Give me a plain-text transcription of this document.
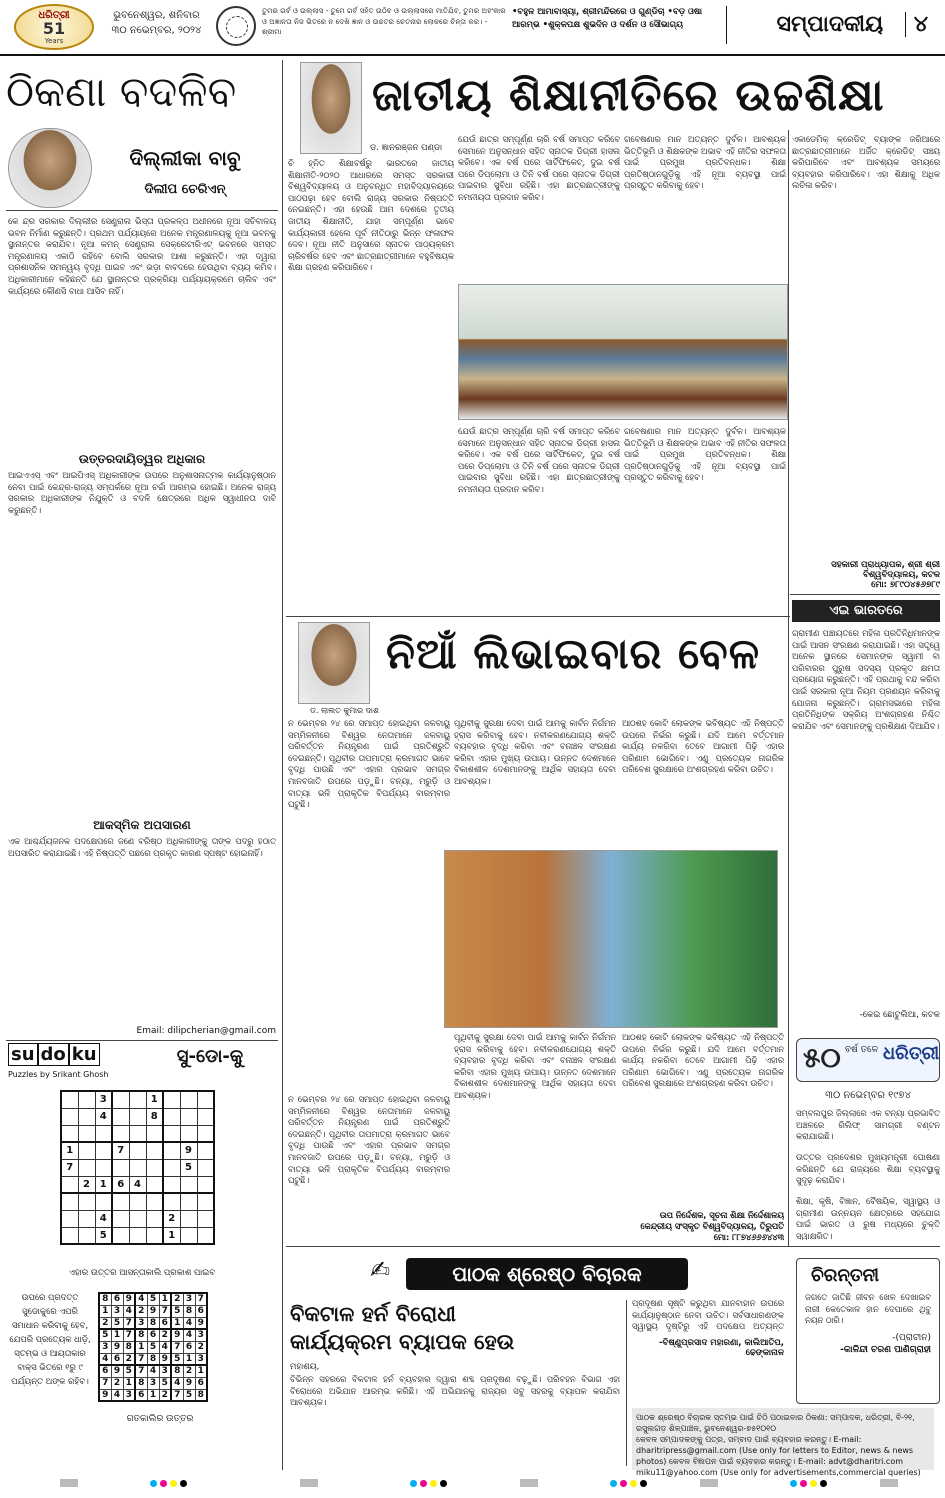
ଧରିତ୍ରୀ
51
Years
ଭୁବନେଶ୍ୱର, ଶନିବାର
୩୦ ନଭେମ୍ବର, ୨୦୨୪
ତୁମର ଗର୍ବ ଓ ଉଲ୍ଲାସ - ତୁମେ ଗର୍ବ ସହିତ ଉଠିବ ଓ ଉଲ୍ଲାସରେ ମାତିଯିବ, ତୁମର ଅହଂକାର ଓ ଅଜ୍ଞାନତା ନିଜ ଭିତରେ ନ ଦେଖି ଜ୍ଞାନ ଓ ଉଚ୍ଚତର ଚେତନାର ଲୋକରେ ଚିନ୍ତା କର। - ଶ୍ରୀମା
•ବହୁଳ ଆମାବାସ୍ୟା, ଶ୍ରୀମନ୍ଦିରରେ ଓ ଗୁଣ୍ଡିଚା •ବଡ଼ ଓଷା ଆରମ୍ଭ •ଶୁକ୍ଳପକ୍ଷ ଶୁଭଦିନ ଓ ଦର୍ଶନ ଓ ସୌଭାଗ୍ୟ	ସମ୍ପାଦକୀୟ ୪
ଠିକଣା ବଦଳିବ
ଦିଲ୍ଲୀକା ବାବୁ
ଦିଲୀପ ଚେରିଏନ୍
କେ ନ୍ଦ୍ର ସରକାର ଦିଲ୍ଲୀର ସେଣ୍ଟ୍ରାଲ ଭିସ୍ତା ପ୍ରକଳ୍ପ ଅଧୀନରେ ନୂଆ ସଚିବାଳୟ ଭବନ ନିର୍ମାଣ କରୁଛନ୍ତି। ପ୍ରଥମ ପର୍ଯ୍ୟାୟରେ ଅନେକ ମନ୍ତ୍ରଣାଳୟକୁ ନୂଆ ଭବନକୁ ସ୍ଥାନାନ୍ତର କରାଯିବ। ନୂଆ କମନ୍ ସେଣ୍ଟ୍ରାଲ ସେକ୍ରେଟାରିଏଟ୍ ଭବନରେ ସମସ୍ତ ମନ୍ତ୍ରଣାଳୟ ଏକାଠି ରହିବେ ବୋଲି ସରକାର ଆଶା କରୁଛନ୍ତି। ଏହା ଦ୍ୱାରା ପ୍ରଶାସନିକ ସମନ୍ୱୟ ବୃଦ୍ଧି ପାଇବ ଏବଂ ଭଡ଼ା ବାବଦରେ ହେଉଥିବା ବ୍ୟୟ କମିବ। ଅଧିକାରୀମାନେ କହିଛନ୍ତି ଯେ ସ୍ଥାନାନ୍ତର ପ୍ରକ୍ରିୟା ପର୍ଯ୍ୟାୟକ୍ରମେ ଚାଲିବ ଏବଂ କାର୍ଯ୍ୟରେ କୌଣସି ବାଧା ଆସିବ ନାହିଁ।
ଉତ୍ତରଦାୟିତ୍ୱର ଅଧିକାର
ଆଇଏଏସ୍ ଏବଂ ଆଇପିଏସ୍ ଅଧିକାରୀଙ୍କ ଉପରେ ଅନୁଶାସନାତ୍ମକ କାର୍ଯ୍ୟାନୁଷ୍ଠାନ ନେବା ପାଇଁ କେନ୍ଦ୍ର-ରାଜ୍ୟ ସମ୍ପର୍କରେ ନୂଆ ଚର୍ଚ୍ଚା ଆରମ୍ଭ ହୋଇଛି। ଅନେକ ରାଜ୍ୟ ସରକାର ଅଧିକାରୀଙ୍କ ନିଯୁକ୍ତି ଓ ବଦଳି କ୍ଷେତ୍ରରେ ଅଧିକ ସ୍ୱାଧୀନତା ଦାବି କରୁଛନ୍ତି।
ଆକସ୍ମିକ ଅପସାରଣ
ଏକ ଆଶ୍ଚର୍ଯ୍ୟଜନକ ପଦକ୍ଷେପରେ ଜଣେ ବରିଷ୍ଠ ଅଧିକାରୀଙ୍କୁ ତାଙ୍କ ପଦରୁ ହଠାତ୍ ଅପସାରିତ କରାଯାଇଛି। ଏହି ନିଷ୍ପତ୍ତି ପଛରେ ପ୍ରକୃତ କାରଣ ସ୍ପଷ୍ଟ ହୋଇନାହିଁ।
Email: dilipcherian@gmail.com
su do ku
Puzzles by Srikant Ghosh
ସୁ-ଡୋ-କୁ
		3			1			
		4			8			

1			7				9	
7							5	
	2	1	6	4				

		4				2		
		5				1		
ଏହାର ଉତ୍ତର ଆସନ୍ତାକାଲି ପ୍ରକାଶ ପାଇବ
ଉପରେ ପ୍ରଦତ୍ତ ସୁଡୋକୁରେ ଏପରି ସମାଧାନ କରିବାକୁ ହେବ, ଯେପରି ପ୍ରତ୍ୟେକ ଧାଡ଼ି, ସ୍ତମ୍ଭ ଓ ଆୟତାକାର ବାକ୍ସ ଭିତରେ ୧ରୁ ୯ ପର୍ଯ୍ୟନ୍ତ ଅଙ୍କ ରହିବ।
8	6	9	4	5	1	2	3	7
1	3	4	2	9	7	5	8	6
2	5	7	3	8	6	1	4	9
5	1	7	8	6	2	9	4	3
3	9	8	1	5	4	7	6	2
4	6	2	7	8	9	5	1	3
6	9	5	7	4	3	8	2	1
7	2	1	8	3	5	4	9	6
9	4	3	6	1	2	7	5	8
ଗତକାଲିର ଉତ୍ତର
ଜାତୀୟ ଶିକ୍ଷାନୀତିରେ ଉଚ୍ଚଶିକ୍ଷା
ଡ. ଜ୍ଞାନରଞ୍ଜନ ପଣ୍ଡା
ଚି ହ୍ନିତ ଶିକ୍ଷାବର୍ଷରୁ ଭାରତରେ ଜାତୀୟ ଶିକ୍ଷାନୀତି-୨୦୨୦ ଆଧାରରେ ସମସ୍ତ ସରକାରୀ ବିଶ୍ୱବିଦ୍ୟାଳୟ ଓ ଅନୁବନ୍ଧିତ ମହାବିଦ୍ୟାଳୟରେ ପାଠପଢ଼ା ହେବ ବୋଲି ରାଜ୍ୟ ସରକାର ନିଷ୍ପତ୍ତି ନେଇଛନ୍ତି। ଏହା ହେଉଛି ଆମ ଦେଶରେ ତୃତୀୟ ଜାତୀୟ ଶିକ୍ଷାନୀତି, ଯାହା ସମ୍ପୂର୍ଣ୍ଣ ଭାବେ କାର୍ଯ୍ୟକାରୀ ହେଲେ ପୂର୍ବ ନୀତିଠାରୁ ଭିନ୍ନ ଫଳାଫଳ ଦେବ। ନୂଆ ନୀତି ଅନୁସାରେ ସ୍ନାତକ ପାଠ୍ୟକ୍ରମ ଚାରିବର୍ଷର ହେବ ଏବଂ ଛାତ୍ରଛାତ୍ରୀମାନେ ବହୁବିଷୟକ ଶିକ୍ଷା ଗ୍ରହଣ କରିପାରିବେ।
ଯେଉଁ ଛାତ୍ର ସମ୍ପୂର୍ଣ୍ଣ ଚାରି ବର୍ଷ ସମାପ୍ତ କରିବେ ସେମାନେ ଅନୁସନ୍ଧାନ ସହିତ ସ୍ନାତକ ଡିଗ୍ରୀ ହାସଲ କରିବେ। ଏକ ବର୍ଷ ପରେ ସାର୍ଟିଫିକେଟ୍, ଦୁଇ ବର୍ଷ ପରେ ଡିପ୍ଲୋମା ଓ ତିନି ବର୍ଷ ପରେ ସ୍ନାତକ ଡିଗ୍ରୀ ପାଇବାର ସୁବିଧା ରହିଛି। ଏହା ଛାତ୍ରଛାତ୍ରୀଙ୍କୁ ନମନୀୟତା ପ୍ରଦାନ କରିବ।
ଗବେଷଣାର ମାନ ଅତ୍ୟନ୍ତ ଦୁର୍ବଳ। ଆବଶ୍ୟକ ଭିତ୍ତିଭୂମି ଓ ଶିକ୍ଷକଙ୍କ ଅଭାବ ଏହି ନୀତିର ସଫଳତା ପାଇଁ ପ୍ରମୁଖ ପ୍ରତିବନ୍ଧକ। ଶିକ୍ଷା ପ୍ରତିଷ୍ଠାନଗୁଡ଼ିକୁ ଏହି ନୂଆ ବ୍ୟବସ୍ଥା ପାଇଁ ପ୍ରସ୍ତୁତ କରିବାକୁ ହେବ।
ଯେଉଁ ଛାତ୍ର ସମ୍ପୂର୍ଣ୍ଣ ଚାରି ବର୍ଷ ସମାପ୍ତ କରିବେ ସେମାନେ ଅନୁସନ୍ଧାନ ସହିତ ସ୍ନାତକ ଡିଗ୍ରୀ ହାସଲ କରିବେ। ଏକ ବର୍ଷ ପରେ ସାର୍ଟିଫିକେଟ୍, ଦୁଇ ବର୍ଷ ପରେ ଡିପ୍ଲୋମା ଓ ତିନି ବର୍ଷ ପରେ ସ୍ନାତକ ଡିଗ୍ରୀ ପାଇବାର ସୁବିଧା ରହିଛି। ଏହା ଛାତ୍ରଛାତ୍ରୀଙ୍କୁ ନମନୀୟତା ପ୍ରଦାନ କରିବ।
ଗବେଷଣାର ମାନ ଅତ୍ୟନ୍ତ ଦୁର୍ବଳ। ଆବଶ୍ୟକ ଭିତ୍ତିଭୂମି ଓ ଶିକ୍ଷକଙ୍କ ଅଭାବ ଏହି ନୀତିର ସଫଳତା ପାଇଁ ପ୍ରମୁଖ ପ୍ରତିବନ୍ଧକ। ଶିକ୍ଷା ପ୍ରତିଷ୍ଠାନଗୁଡ଼ିକୁ ଏହି ନୂଆ ବ୍ୟବସ୍ଥା ପାଇଁ ପ୍ରସ୍ତୁତ କରିବାକୁ ହେବ।
ଏକାଡେମିକ୍ କ୍ରେଡିଟ୍ ବ୍ୟାଙ୍କ ଜରିଆରେ ଛାତ୍ରଛାତ୍ରୀମାନେ ଅର୍ଜିତ କ୍ରେଡିଟ୍ ସଞ୍ଚୟ କରିପାରିବେ ଏବଂ ଆବଶ୍ୟକ ସମୟରେ ବ୍ୟବହାର କରିପାରିବେ। ଏହା ଶିକ୍ଷାକୁ ଅଧିକ ଲଚିଳା କରିବ।
ସହକାରୀ ପ୍ରାଧ୍ୟାପକ, ଶ୍ରୀ ଶ୍ରୀ ବିଶ୍ୱବିଦ୍ୟାଳୟ, କଟକ
ମୋ: ୭୮୯୦୪୫୬୭୮୯
ନିଆଁ ଲିଭାଇବାର ବେଳ
ଡ. ଲାଲତ କୁମାର ଦାଶ
ନ ଭେମ୍ବର ୨୪ ରେ ସମାପ୍ତ ହୋଇଥିବା ଜଳବାୟୁ ସମ୍ମିଳନୀରେ ବିଶ୍ୱର ନେତାମାନେ ଜଳବାୟୁ ପରିବର୍ତ୍ତନ ନିୟନ୍ତ୍ରଣ ପାଇଁ ପ୍ରତିଶ୍ରୁତି ଦେଇଛନ୍ତି। ପୃଥିବୀର ତାପମାତ୍ରା କ୍ରମାଗତ ଭାବେ ବୃଦ୍ଧି ପାଉଛି ଏବଂ ଏହାର ପ୍ରଭାବ ସମଗ୍ର ମାନବଜାତି ଉପରେ ପଡ଼ୁଛି। ବନ୍ୟା, ମରୁଡ଼ି ଓ ବାତ୍ୟା ଭଳି ପ୍ରାକୃତିକ ବିପର୍ଯ୍ୟୟ ବାରମ୍ବାର ଘଟୁଛି।
ପୃଥିବୀକୁ ସୁରକ୍ଷା ଦେବା ପାଇଁ ଆମକୁ କାର୍ବନ ନିର୍ଗମନ ହ୍ରାସ କରିବାକୁ ହେବ। ନବୀକରଣଯୋଗ୍ୟ ଶକ୍ତି ବ୍ୟବହାର ବୃଦ୍ଧି କରିବା ଏବଂ ବନାଞ୍ଚଳ ସଂରକ୍ଷଣ କରିବା ଏହାର ମୁଖ୍ୟ ଉପାୟ। ଉନ୍ନତ ଦେଶମାନେ ବିକାଶଶୀଳ ଦେଶମାନଙ୍କୁ ଆର୍ଥିକ ସହାୟତା ଦେବା ଆବଶ୍ୟକ।
ଆଠଶହ କୋଟି ଲୋକଙ୍କ ଭବିଷ୍ୟତ ଏହି ନିଷ୍ପତ୍ତି ଉପରେ ନିର୍ଭର କରୁଛି। ଯଦି ଆମେ ବର୍ତ୍ତମାନ କାର୍ଯ୍ୟ ନକରିବା ତେବେ ଆଗାମୀ ପିଢ଼ି ଏହାର ପରିଣାମ ଭୋଗିବେ। ଏଣୁ ପ୍ରତ୍ୟେକ ନାଗରିକ ପରିବେଶ ସୁରକ୍ଷାରେ ଅଂଶଗ୍ରହଣ କରିବା ଉଚିତ।
ପୃଥିବୀକୁ ସୁରକ୍ଷା ଦେବା ପାଇଁ ଆମକୁ କାର୍ବନ ନିର୍ଗମନ ହ୍ରାସ କରିବାକୁ ହେବ। ନବୀକରଣଯୋଗ୍ୟ ଶକ୍ତି ବ୍ୟବହାର ବୃଦ୍ଧି କରିବା ଏବଂ ବନାଞ୍ଚଳ ସଂରକ୍ଷଣ କରିବା ଏହାର ମୁଖ୍ୟ ଉପାୟ। ଉନ୍ନତ ଦେଶମାନେ ବିକାଶଶୀଳ ଦେଶମାନଙ୍କୁ ଆର୍ଥିକ ସହାୟତା ଦେବା ଆବଶ୍ୟକ।
ଆଠଶହ କୋଟି ଲୋକଙ୍କ ଭବିଷ୍ୟତ ଏହି ନିଷ୍ପତ୍ତି ଉପରେ ନିର୍ଭର କରୁଛି। ଯଦି ଆମେ ବର୍ତ୍ତମାନ କାର୍ଯ୍ୟ ନକରିବା ତେବେ ଆଗାମୀ ପିଢ଼ି ଏହାର ପରିଣାମ ଭୋଗିବେ। ଏଣୁ ପ୍ରତ୍ୟେକ ନାଗରିକ ପରିବେଶ ସୁରକ୍ଷାରେ ଅଂଶଗ୍ରହଣ କରିବା ଉଚିତ।
ନ ଭେମ୍ବର ୨୪ ରେ ସମାପ୍ତ ହୋଇଥିବା ଜଳବାୟୁ ସମ୍ମିଳନୀରେ ବିଶ୍ୱର ନେତାମାନେ ଜଳବାୟୁ ପରିବର୍ତ୍ତନ ନିୟନ୍ତ୍ରଣ ପାଇଁ ପ୍ରତିଶ୍ରୁତି ଦେଇଛନ୍ତି। ପୃଥିବୀର ତାପମାତ୍ରା କ୍ରମାଗତ ଭାବେ ବୃଦ୍ଧି ପାଉଛି ଏବଂ ଏହାର ପ୍ରଭାବ ସମଗ୍ର ମାନବଜାତି ଉପରେ ପଡ଼ୁଛି। ବନ୍ୟା, ମରୁଡ଼ି ଓ ବାତ୍ୟା ଭଳି ପ୍ରାକୃତିକ ବିପର୍ଯ୍ୟୟ ବାରମ୍ବାର ଘଟୁଛି।
ଉପ ନିର୍ଦ୍ଦେଶକ, ସୂଚନା ଶିକ୍ଷା ନିର୍ଦ୍ଦେଶାଳୟ
କେନ୍ଦ୍ରୀୟ ସଂସ୍କୃତ ବିଶ୍ୱବିଦ୍ୟାଳୟ, ତିରୁପତି
ମୋ: ୮୮୭୪୬୬୬୪୪୩
ଏଇ ଭାରତରେ
ଗ୍ରାମୀଣ ପଞ୍ଚାୟତରେ ମହିଳା ପ୍ରତିନିଧିମାନଙ୍କ ପାଇଁ ଆସନ ସଂରକ୍ଷଣ କରାଯାଇଛି। ଏହା ସତ୍ତ୍ୱେ ଅନେକ ସ୍ଥାନରେ ସେମାନଙ୍କ ସ୍ୱାମୀ ବା ପରିବାରର ପୁରୁଷ ସଦସ୍ୟ ପ୍ରକୃତ କ୍ଷମତା ପ୍ରୟୋଗ କରୁଛନ୍ତି। ଏହି ପ୍ରଥାକୁ ବନ୍ଦ କରିବା ପାଇଁ ସରକାର ନୂଆ ନିୟମ ପ୍ରଣୟନ କରିବାକୁ ଯୋଜନା କରୁଛନ୍ତି। ଗ୍ରାମସଭାରେ ମହିଳା ପ୍ରତିନିଧିଙ୍କ ସକ୍ରିୟ ଅଂଶଗ୍ରହଣ ନିଶ୍ଚିତ କରାଯିବ ଏବଂ ସେମାନଙ୍କୁ ପ୍ରଶିକ୍ଷଣ ଦିଆଯିବ।
-କେଇ ଛୋଟୁଲିଆ, କଟକ
୫୦ ବର୍ଷ ତଳେ ଧରିତ୍ରୀ
୩୦ ନଭେମ୍ବର ୧୯୭୪
ସମ୍ବଲପୁର ଜିଲ୍ଲାରେ ଏକ ବନ୍ୟା ପ୍ରଭାବିତ ଅଞ୍ଚଳରେ ରିଲିଫ୍ ସାମଗ୍ରୀ ବଣ୍ଟନ କରାଯାଇଛି।
ଉତ୍ତର ପ୍ରଦେଶର ମୁଖ୍ୟମନ୍ତ୍ରୀ ଘୋଷଣା କରିଛନ୍ତି ଯେ ରାଜ୍ୟରେ ଶିକ୍ଷା ବ୍ୟବସ୍ଥାକୁ ସୁଦୃଢ଼ କରାଯିବ।
ଶିକ୍ଷା, କୃଷି, ବିଜ୍ଞାନ, ବୈଷୟିକ, ସ୍ୱାସ୍ଥ୍ୟ ଓ ଗ୍ରାମୀଣ ଉନ୍ନୟନ କ୍ଷେତ୍ରରେ ସହଯୋଗ ପାଇଁ ଭାରତ ଓ ରୁଷ ମଧ୍ୟରେ ଚୁକ୍ତି ସ୍ୱାକ୍ଷରିତ।
✍	ପାଠକ ଶ୍ରେଷ୍ଠ ବିଚାରକ
ବିକଟାଳ ହର୍ନ ବିରୋଧୀ
କାର୍ଯ୍ୟକ୍ରମ ବ୍ୟାପକ ହେଉ
ମହାଶୟ,
ବିଭିନ୍ନ ସହରରେ ବିକଟାଳ ହର୍ନ ବ୍ୟବହାର ଦ୍ୱାରା ଶବ୍ଦ ପ୍ରଦୂଷଣ ବଢ଼ୁଛି। ପରିବହନ ବିଭାଗ ଏହା ବିରୋଧରେ ଅଭିଯାନ ଆରମ୍ଭ କରିଛି। ଏହି ଅଭିଯାନକୁ ରାଜ୍ୟର ସବୁ ସହରକୁ ବ୍ୟାପକ କରାଯିବା ଆବଶ୍ୟକ।
ପ୍ରଦୂଷଣ ସୃଷ୍ଟି କରୁଥିବା ଯାନବାହାନ ଉପରେ କାର୍ଯ୍ୟାନୁଷ୍ଠାନ ନେବା ଉଚିତ। ସର୍ବସାଧାରଣଙ୍କ ସ୍ୱାସ୍ଥ୍ୟ ଦୃଷ୍ଟିରୁ ଏହି ପଦକ୍ଷେପ ଅତ୍ୟନ୍ତ
-ବିଷ୍ଣୁପ୍ରସାଦ ମହାରଣା, କାଲିଆତିପ, ଢେଙ୍କାନାଳ
ପାଠକ ଶ୍ରେଷ୍ଠ ବିଚାରକ ସ୍ତମ୍ଭ ପାଇଁ ଚିଠି ପଠାଇବାର ଠିକଣା: ସମ୍ପାଦକ, ଧରିତ୍ରୀ, ବି-୨୧, ରସୁଲଗଡ଼ ଶିଳ୍ପାଞ୍ଚଳ, ଭୁବନେଶ୍ୱର-୭୫୧୦୧୦
କେବଳ ସମ୍ପାଦକଙ୍କୁ ପତ୍ର, ସମ୍ବାଦ ପାଇଁ ବ୍ୟବହାର କରନ୍ତୁ। E-mail: dharitripress@gmail.com (Use only for letters to Editor, news & news photos) କେବଳ ବିଜ୍ଞାପନ ପାଇଁ ବ୍ୟବହାର କରନ୍ତୁ। E-mail: advt@dharitri.com
miku11@yahoo.com (Use only for advertisements,commercial queries)
ଚିରନ୍ତନୀ
ଜଗତେ ଜାତିଛି ଜୀବନ ଖେଳ ଦେଖାଇବ ନାରୀ କେତେକାଳ ହାନ ଦେପାରେ ଥିବୁ ନୟନ ଠାରି।
-(ପ୍ରାଚୀନ)
-କାଳିନ୍ଦୀ ଚରଣ ପାଣିଗ୍ରାହୀ
